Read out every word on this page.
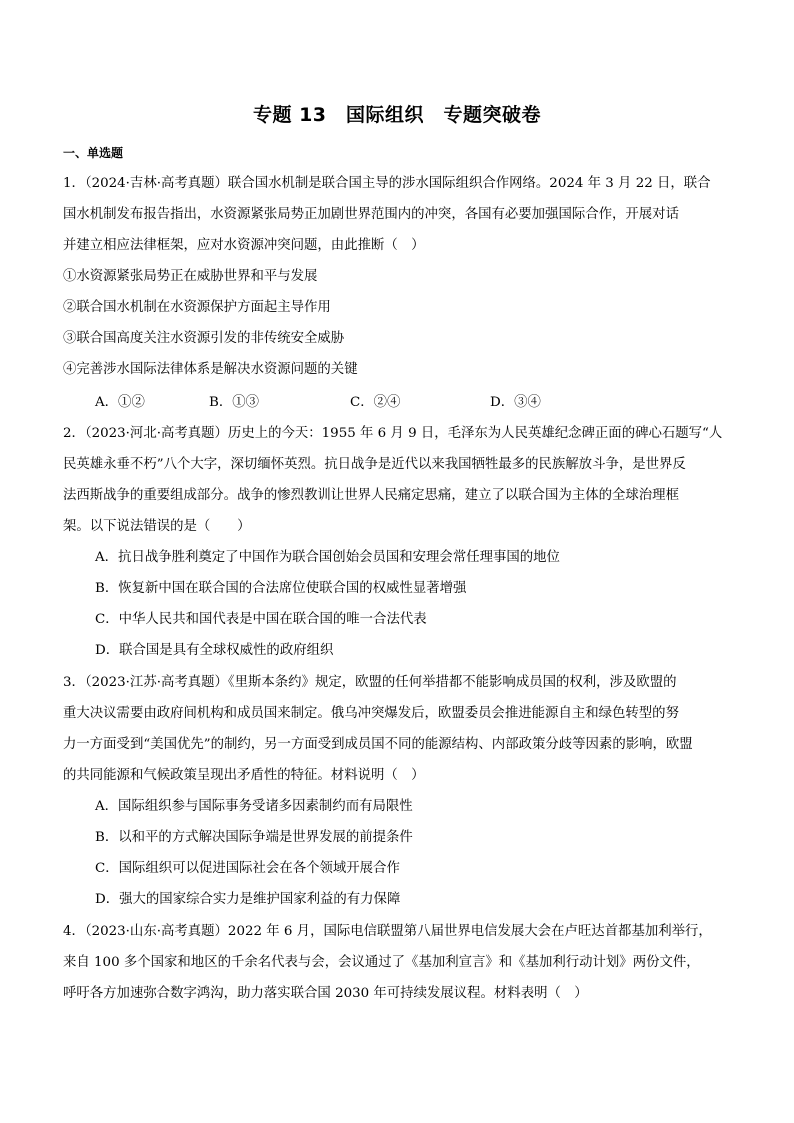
专题 13　国际组织　专题突破卷
一、单选题
1．（2024·吉林·高考真题）联合国水机制是联合国主导的涉水国际组织合作网络。2024 年 3 月 22 日，联合
国水机制发布报告指出，水资源紧张局势正加剧世界范围内的冲突，各国有必要加强国际合作，开展对话
并建立相应法律框架，应对水资源冲突问题，由此推断（　）
①水资源紧张局势正在威胁世界和平与发展
②联合国水机制在水资源保护方面起主导作用
③联合国高度关注水资源引发的非传统安全威胁
④完善涉水国际法律体系是解决水资源问题的关键
A．①②	B．①③	C．②④	D．③④
2．（2023·河北·高考真题）历史上的今天：1955 年 6 月 9 日，毛泽东为人民英雄纪念碑正面的碑心石题写“人
民英雄永垂不朽”八个大字，深切缅怀英烈。抗日战争是近代以来我国牺牲最多的民族解放斗争，是世界反
法西斯战争的重要组成部分。战争的惨烈教训让世界人民痛定思痛，建立了以联合国为主体的全球治理框
架。以下说法错误的是（　　）
A．抗日战争胜利奠定了中国作为联合国创始会员国和安理会常任理事国的地位
B．恢复新中国在联合国的合法席位使联合国的权威性显著增强
C．中华人民共和国代表是中国在联合国的唯一合法代表
D．联合国是具有全球权威性的政府组织
3．（2023·江苏·高考真题）《里斯本条约》规定，欧盟的任何举措都不能影响成员国的权利，涉及欧盟的
重大决议需要由政府间机构和成员国来制定。俄乌冲突爆发后，欧盟委员会推进能源自主和绿色转型的努
力一方面受到“美国优先”的制约，另一方面受到成员国不同的能源结构、内部政策分歧等因素的影响，欧盟
的共同能源和气候政策呈现出矛盾性的特征。材料说明（　）
A．国际组织参与国际事务受诸多因素制约而有局限性
B．以和平的方式解决国际争端是世界发展的前提条件
C．国际组织可以促进国际社会在各个领域开展合作
D．强大的国家综合实力是维护国家利益的有力保障
4．（2023·山东·高考真题）2022 年 6 月，国际电信联盟第八届世界电信发展大会在卢旺达首都基加利举行，
来自 100 多个国家和地区的千余名代表与会，会议通过了《基加利宣言》和《基加利行动计划》两份文件，
呼吁各方加速弥合数字鸿沟，助力落实联合国 2030 年可持续发展议程。材料表明（　）
